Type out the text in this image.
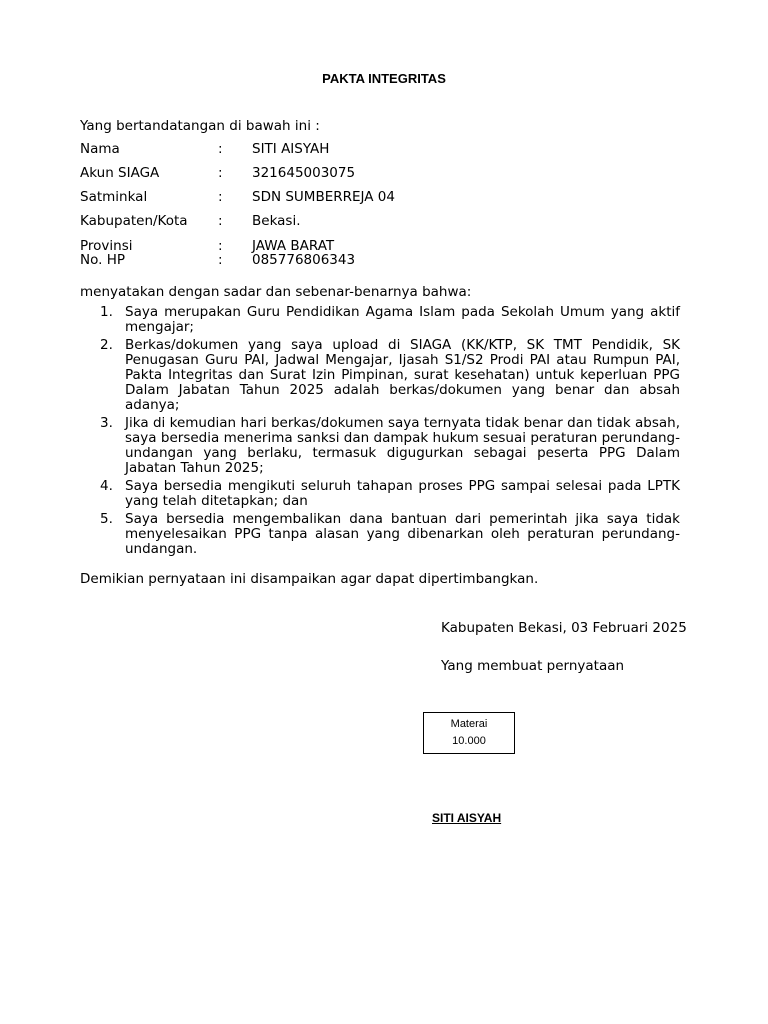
PAKTA INTEGRITAS
Yang bertandatangan di bawah ini :
Nama	: SITI AISYAH
Akun SIAGA	: 321645003075
Satminkal	: SDN SUMBERREJA 04
Kabupaten/Kota : Bekasi.
Provinsi	: JAWA BARAT
No. HP	: 085776806343
menyatakan dengan sadar dan sebenar-benarnya bahwa:
1. Saya merupakan Guru Pendidikan Agama Islam pada Sekolah Umum yang aktif mengajar;
2. Berkas/dokumen yang saya upload di SIAGA (KK/KTP, SK TMT Pendidik, SK Penugasan Guru PAI, Jadwal Mengajar, Ijasah S1/S2 Prodi PAI atau Rumpun PAI, Pakta Integritas dan Surat Izin Pimpinan, surat kesehatan) untuk keperluan PPG Dalam Jabatan Tahun 2025 adalah berkas/dokumen yang benar dan absah adanya;
3. Jika di kemudian hari berkas/dokumen saya ternyata tidak benar dan tidak absah, saya bersedia menerima sanksi dan dampak hukum sesuai peraturan perundang-undangan yang berlaku, termasuk digugurkan sebagai peserta PPG Dalam Jabatan Tahun 2025;
4. Saya bersedia mengikuti seluruh tahapan proses PPG sampai selesai pada LPTK yang telah ditetapkan; dan
5. Saya bersedia mengembalikan dana bantuan dari pemerintah jika saya tidak menyelesaikan PPG tanpa alasan yang dibenarkan oleh peraturan perundang-undangan.
Demikian pernyataan ini disampaikan agar dapat dipertimbangkan.
Kabupaten Bekasi, 03 Februari 2025
Yang membuat pernyataan
Materai
10.000
SITI AISYAH
